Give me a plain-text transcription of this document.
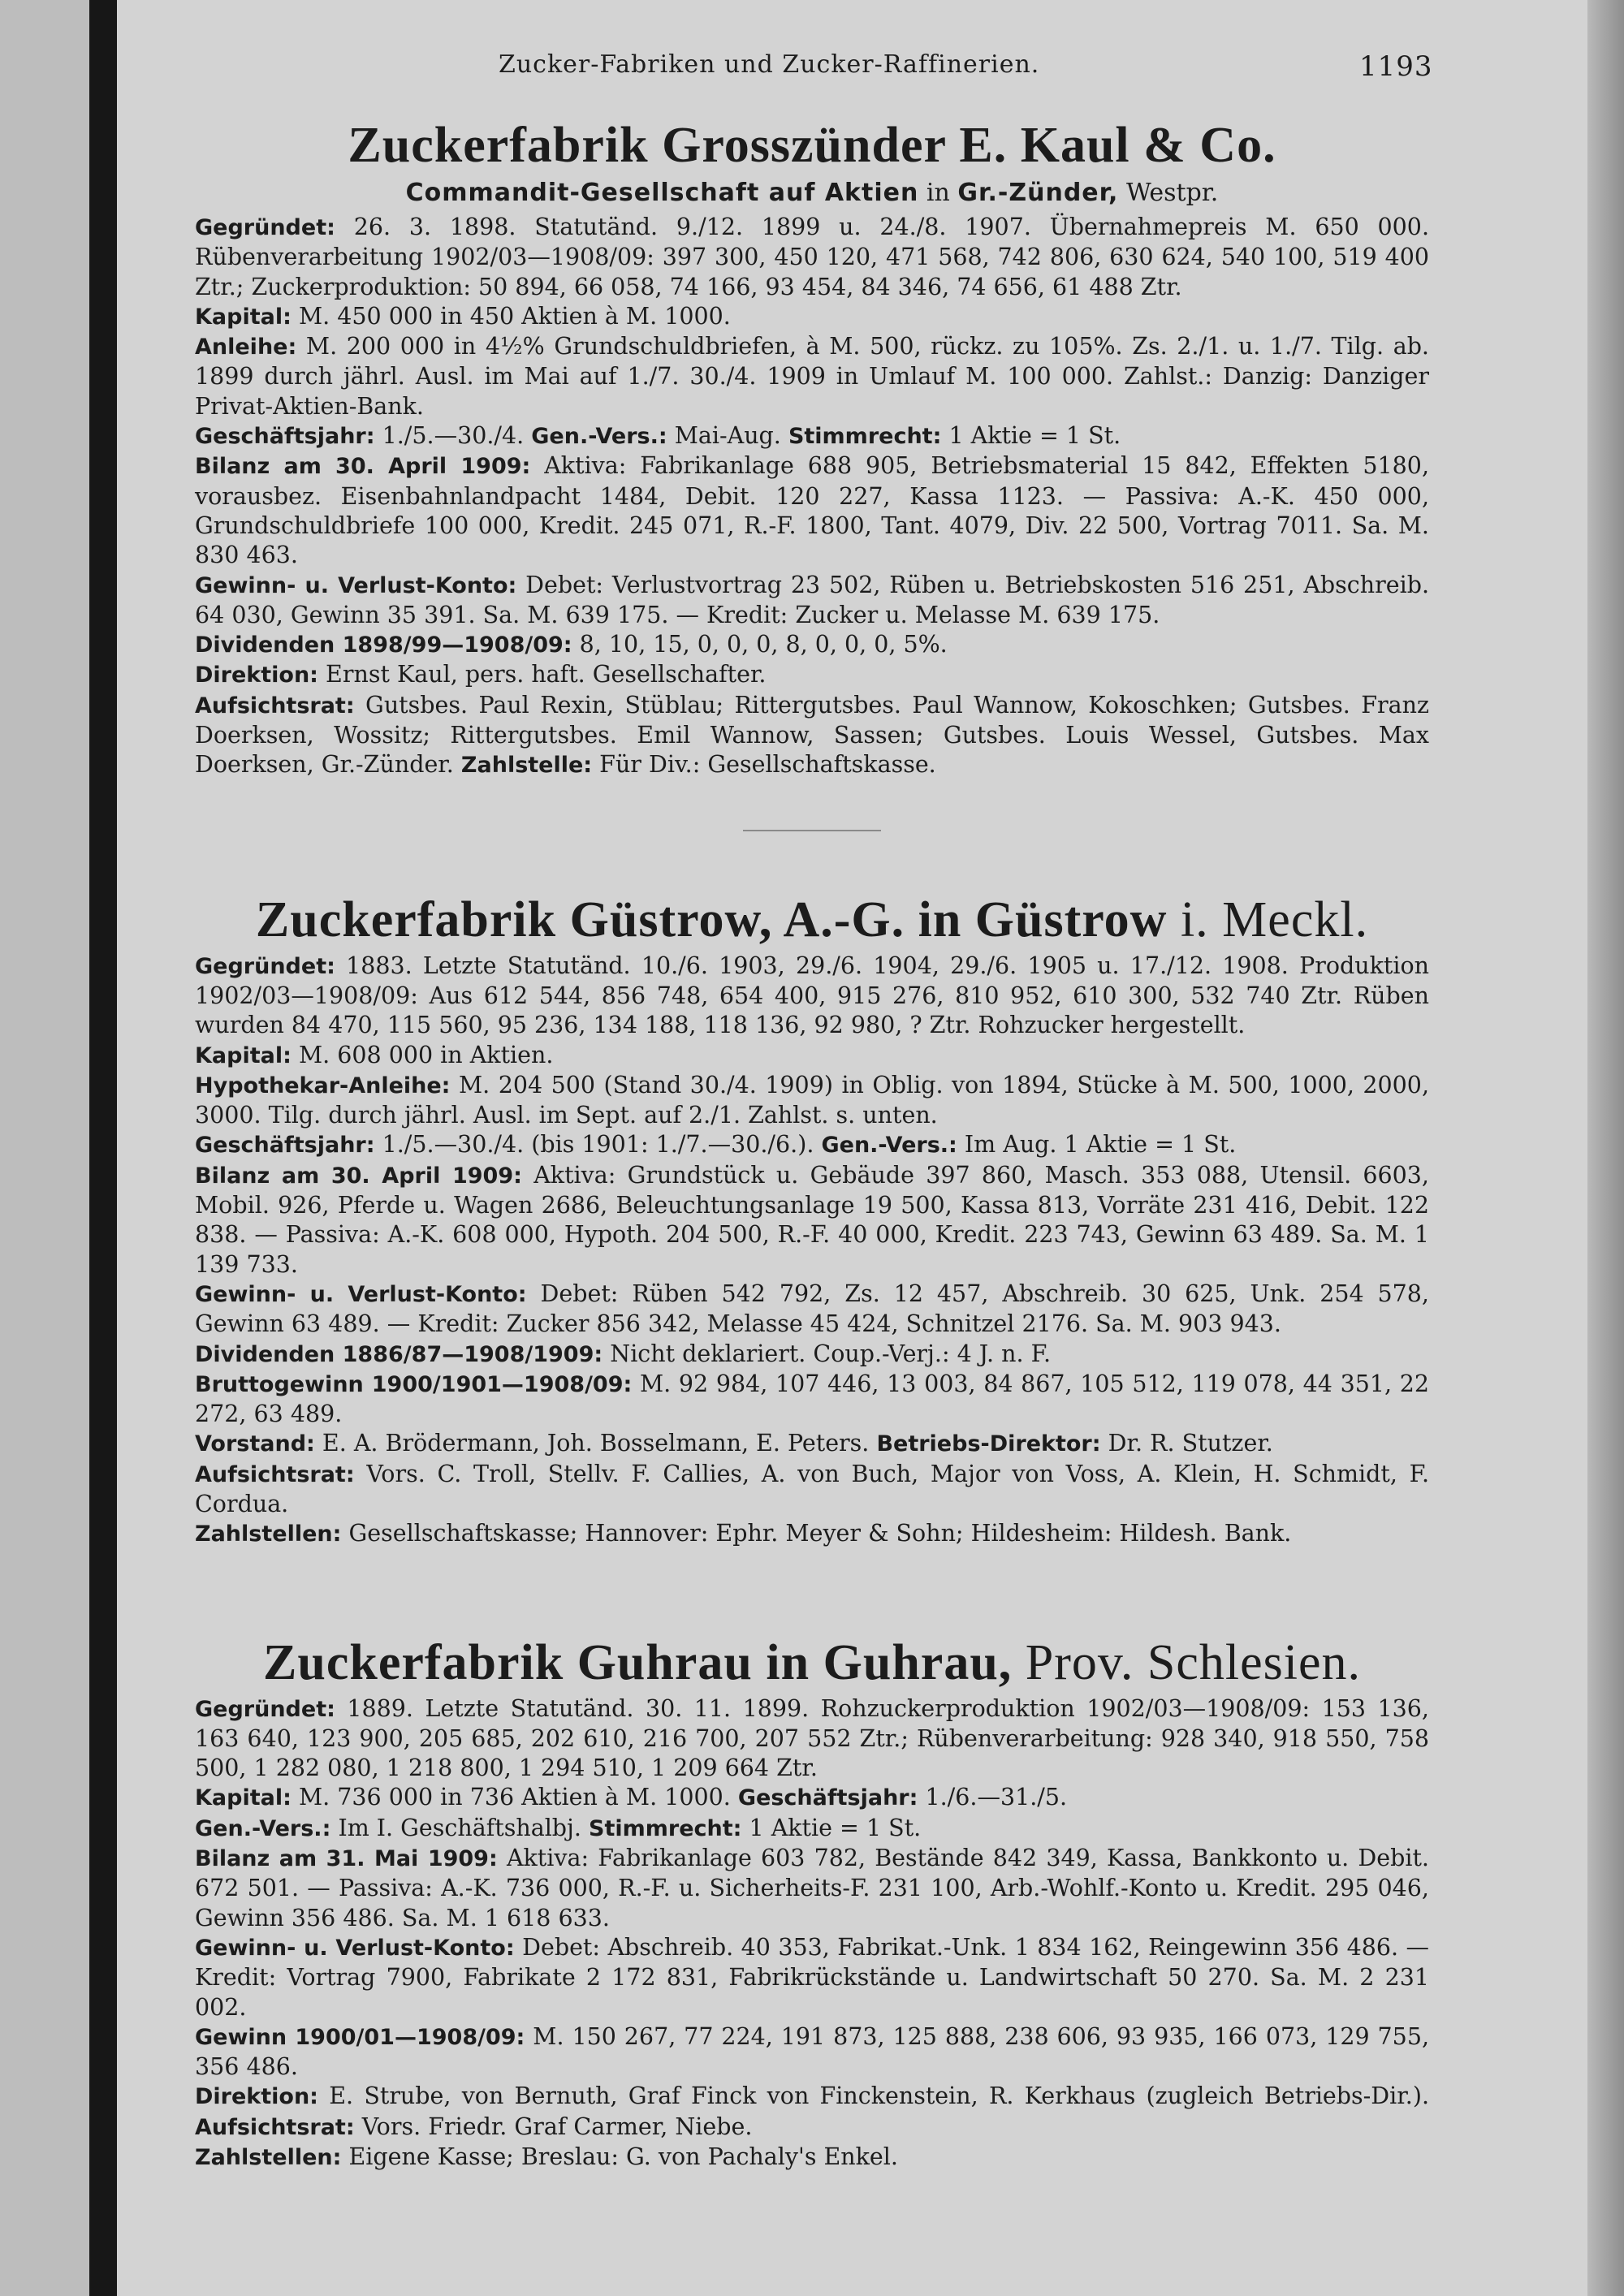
Zucker-Fabriken und Zucker-Raffinerien.	1193
Zuckerfabrik Grosszünder E. Kaul & Co.

Commandit-Gesellschaft auf Aktien in Gr.-Zünder, Westpr.

Gegründet: 26. 3. 1898. Statutänd. 9./12. 1899 u. 24./8. 1907. Übernahmepreis M. 650 000. Rübenverarbeitung 1902/03—1908/09: 397 300, 450 120, 471 568, 742 806, 630 624, 540 100, 519 400 Ztr.; Zuckerproduktion: 50 894, 66 058, 74 166, 93 454, 84 346, 74 656, 61 488 Ztr.

Kapital: M. 450 000 in 450 Aktien à M. 1000.

Anleihe: M. 200 000 in 4½% Grundschuldbriefen, à M. 500, rückz. zu 105%. Zs. 2./1. u. 1./7. Tilg. ab. 1899 durch jährl. Ausl. im Mai auf 1./7. 30./4. 1909 in Umlauf M. 100 000. Zahlst.: Danzig: Danziger Privat-Aktien-Bank.

Geschäftsjahr: 1./5.—30./4. Gen.-Vers.: Mai-Aug. Stimmrecht: 1 Aktie = 1 St.

Bilanz am 30. April 1909: Aktiva: Fabrikanlage 688 905, Betriebsmaterial 15 842, Effekten 5180, vorausbez. Eisenbahnlandpacht 1484, Debit. 120 227, Kassa 1123. — Passiva: A.-K. 450 000, Grundschuldbriefe 100 000, Kredit. 245 071, R.-F. 1800, Tant. 4079, Div. 22 500, Vortrag 7011. Sa. M. 830 463.

Gewinn- u. Verlust-Konto: Debet: Verlustvortrag 23 502, Rüben u. Betriebskosten 516 251, Abschreib. 64 030, Gewinn 35 391. Sa. M. 639 175. — Kredit: Zucker u. Melasse M. 639 175.

Dividenden 1898/99—1908/09: 8, 10, 15, 0, 0, 0, 8, 0, 0, 0, 5%.

Direktion: Ernst Kaul, pers. haft. Gesellschafter.

Aufsichtsrat: Gutsbes. Paul Rexin, Stüblau; Rittergutsbes. Paul Wannow, Kokoschken; Gutsbes. Franz Doerksen, Wossitz; Rittergutsbes. Emil Wannow, Sassen; Gutsbes. Louis Wessel, Gutsbes. Max Doerksen, Gr.-Zünder. Zahlstelle: Für Div.: Gesellschaftskasse.

Zuckerfabrik Güstrow, A.-G. in Güstrow i. Meckl.

Gegründet: 1883. Letzte Statutänd. 10./6. 1903, 29./6. 1904, 29./6. 1905 u. 17./12. 1908. Produktion 1902/03—1908/09: Aus 612 544, 856 748, 654 400, 915 276, 810 952, 610 300, 532 740 Ztr. Rüben wurden 84 470, 115 560, 95 236, 134 188, 118 136, 92 980, ? Ztr. Rohzucker hergestellt.

Kapital: M. 608 000 in Aktien.

Hypothekar-Anleihe: M. 204 500 (Stand 30./4. 1909) in Oblig. von 1894, Stücke à M. 500, 1000, 2000, 3000. Tilg. durch jährl. Ausl. im Sept. auf 2./1. Zahlst. s. unten.

Geschäftsjahr: 1./5.—30./4. (bis 1901: 1./7.—30./6.). Gen.-Vers.: Im Aug. 1 Aktie = 1 St.

Bilanz am 30. April 1909: Aktiva: Grundstück u. Gebäude 397 860, Masch. 353 088, Utensil. 6603, Mobil. 926, Pferde u. Wagen 2686, Beleuchtungsanlage 19 500, Kassa 813, Vorräte 231 416, Debit. 122 838. — Passiva: A.-K. 608 000, Hypoth. 204 500, R.-F. 40 000, Kredit. 223 743, Gewinn 63 489. Sa. M. 1 139 733.

Gewinn- u. Verlust-Konto: Debet: Rüben 542 792, Zs. 12 457, Abschreib. 30 625, Unk. 254 578, Gewinn 63 489. — Kredit: Zucker 856 342, Melasse 45 424, Schnitzel 2176. Sa. M. 903 943.

Dividenden 1886/87—1908/1909: Nicht deklariert. Coup.-Verj.: 4 J. n. F.

Bruttogewinn 1900/1901—1908/09: M. 92 984, 107 446, 13 003, 84 867, 105 512, 119 078, 44 351, 22 272, 63 489.

Vorstand: E. A. Brödermann, Joh. Bosselmann, E. Peters. Betriebs-Direktor: Dr. R. Stutzer.

Aufsichtsrat: Vors. C. Troll, Stellv. F. Callies, A. von Buch, Major von Voss, A. Klein, H. Schmidt, F. Cordua.

Zahlstellen: Gesellschaftskasse; Hannover: Ephr. Meyer & Sohn; Hildesheim: Hildesh. Bank.

Zuckerfabrik Guhrau in Guhrau, Prov. Schlesien.

Gegründet: 1889. Letzte Statutänd. 30. 11. 1899. Rohzuckerproduktion 1902/03—1908/09: 153 136, 163 640, 123 900, 205 685, 202 610, 216 700, 207 552 Ztr.; Rübenverarbeitung: 928 340, 918 550, 758 500, 1 282 080, 1 218 800, 1 294 510, 1 209 664 Ztr.

Kapital: M. 736 000 in 736 Aktien à M. 1000. Geschäftsjahr: 1./6.—31./5.

Gen.-Vers.: Im I. Geschäftshalbj. Stimmrecht: 1 Aktie = 1 St.

Bilanz am 31. Mai 1909: Aktiva: Fabrikanlage 603 782, Bestände 842 349, Kassa, Bankkonto u. Debit. 672 501. — Passiva: A.-K. 736 000, R.-F. u. Sicherheits-F. 231 100, Arb.-Wohlf.-Konto u. Kredit. 295 046, Gewinn 356 486. Sa. M. 1 618 633.

Gewinn- u. Verlust-Konto: Debet: Abschreib. 40 353, Fabrikat.-Unk. 1 834 162, Reingewinn 356 486. — Kredit: Vortrag 7900, Fabrikate 2 172 831, Fabrikrückstände u. Landwirtschaft 50 270. Sa. M. 2 231 002.

Gewinn 1900/01—1908/09: M. 150 267, 77 224, 191 873, 125 888, 238 606, 93 935, 166 073, 129 755, 356 486.

Direktion: E. Strube, von Bernuth, Graf Finck von Finckenstein, R. Kerkhaus (zugleich Betriebs-Dir.). Aufsichtsrat: Vors. Friedr. Graf Carmer, Niebe.

Zahlstellen: Eigene Kasse; Breslau: G. von Pachaly's Enkel.
